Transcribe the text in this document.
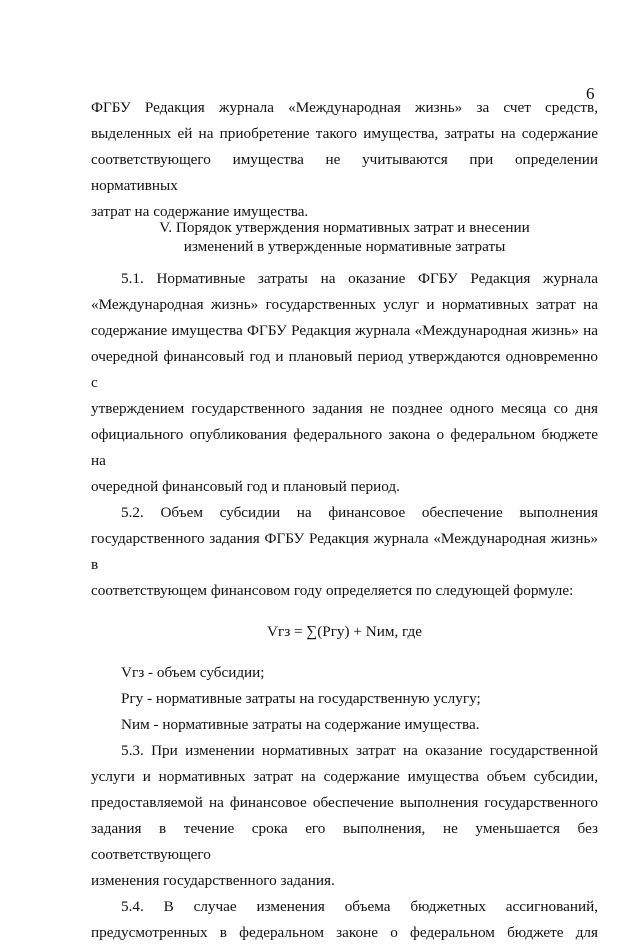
6

ФГБУ Редакция журнала «Международная жизнь» за счет средств,

выделенных ей на приобретение такого имущества, затраты на содержание

соответствующего имущества не учитываются при определении нормативных

затрат на содержание имущества.

V. Порядок утверждения нормативных затрат и внесении
изменений в утвержденные нормативные затраты

5.1. Нормативные затраты на оказание ФГБУ Редакция журнала

«Международная жизнь» государственных услуг и нормативных затрат на

содержание имущества ФГБУ Редакция журнала «Международная жизнь» на

очередной финансовый год и плановый период утверждаются одновременно с

утверждением государственного задания не позднее одного месяца со дня

официального опубликования федерального закона о федеральном бюджете на

очередной финансовый год и плановый период.

5.2. Объем субсидии на финансовое обеспечение выполнения

государственного задания ФГБУ Редакция журнала «Международная жизнь» в

соответствующем финансовом году определяется по следующей формуле:

Vгз = ∑(Pгу) + Nим, где

Vгз - объем субсидии;

Pгу - нормативные затраты на государственную услугу;

Nим - нормативные затраты на содержание имущества.

5.3. При изменении нормативных затрат на оказание государственной

услуги и нормативных затрат на содержание имущества объем субсидии,

предоставляемой на финансовое обеспечение выполнения государственного

задания в течение срока его выполнения, не уменьшается без соответствующего

изменения государственного задания.

5.4. В случае изменения объема бюджетных ассигнований,

предусмотренных в федеральном законе о федеральном бюджете для
